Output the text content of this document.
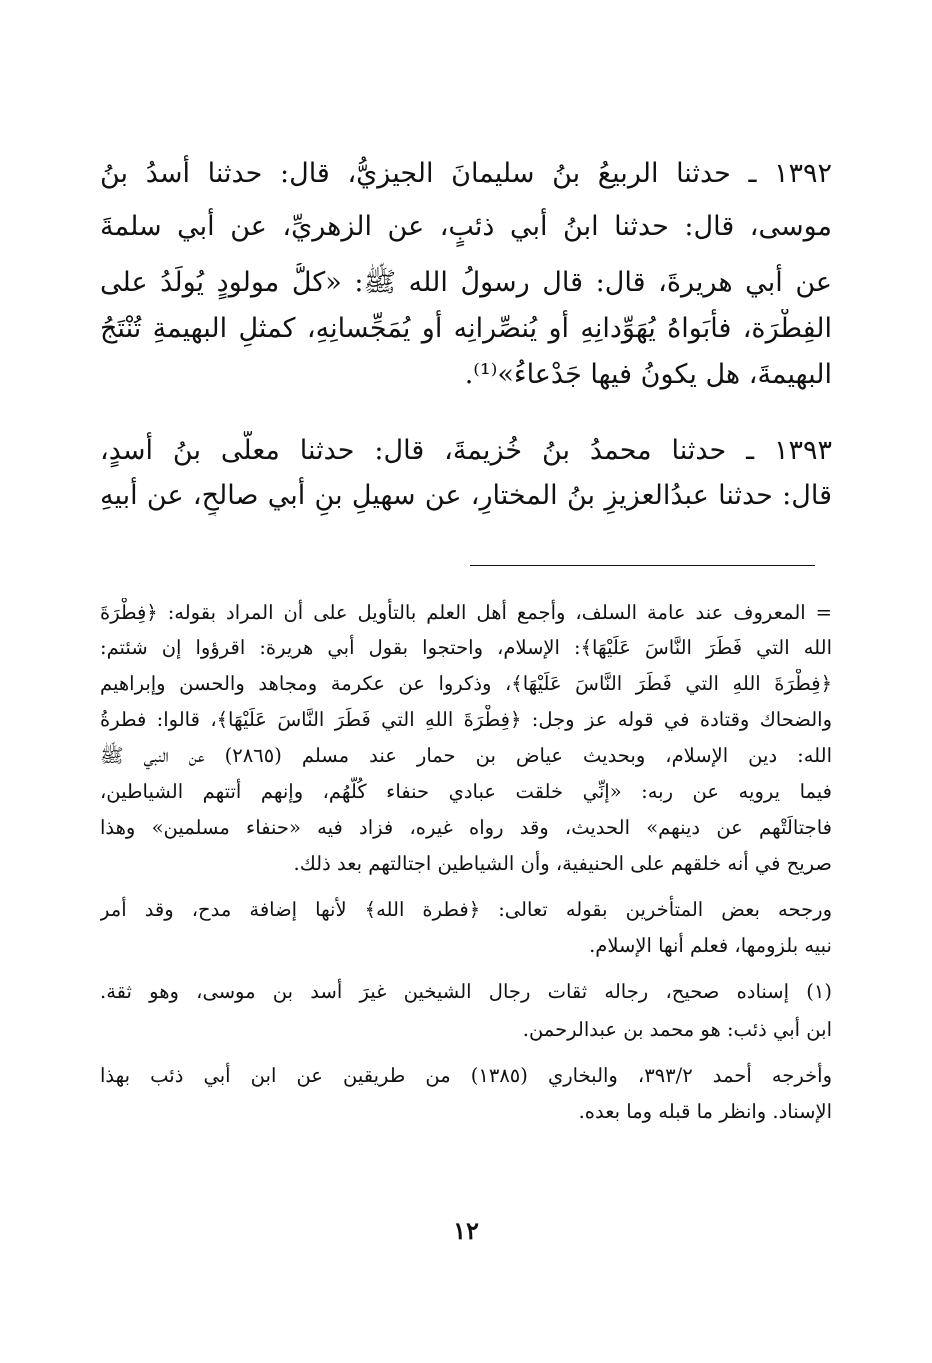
١٣٩٢ ـ حدثنا الربيعُ بنُ سليمانَ الجيزيُّ، قال: حدثنا أسدُ بنُ
موسى، قال: حدثنا ابنُ أبي ذئبٍ، عن الزهريِّ، عن أبي سلمةَ
عن أبي هريرةَ، قال: قال رسولُ الله ﷺ: «كلُّ مولودٍ يُولَدُ على
الفِطْرَة، فأبَواهُ يُهَوِّدانِهِ أو يُنصِّرانِه أو يُمَجِّسانِهِ، كمثلِ البهيمةِ تُنْتَجُ
البهيمةَ، هل يكونُ فيها جَدْعاءُ»⁽¹⁾.
١٣٩٣ ـ حدثنا محمدُ بنُ خُزيمةَ، قال: حدثنا معلَّى بنُ أسدٍ،
قال: حدثنا عبدُالعزيزِ بنُ المختارِ، عن سهيلِ بنِ أبي صالحٍ، عن أبيهِ
= المعروف عند عامة السلف، وأجمع أهل العلم بالتأويل على أن المراد بقوله: ﴿فِطْرَةَ
الله التي فَطَرَ النَّاسَ عَلَيْهَا﴾: الإسلام، واحتجوا بقول أبي هريرة: اقرؤوا إن شئتم:
﴿فِطْرَةَ اللهِ التي فَطَرَ النَّاسَ عَلَيْهَا﴾، وذكروا عن عكرمة ومجاهد والحسن وإبراهيم
والضحاك وقتادة في قوله عز وجل: ﴿فِطْرَةَ اللهِ التي فَطَرَ النَّاسَ عَلَيْهَا﴾، قالوا: فطرةُ
الله: دين الإسلام، وبحديث عياض بن حمار عند مسلم (٢٨٦٥) عن النبي ﷺ
فيما يرويه عن ربه: «إنِّي خلقت عبادي حنفاء كُلَّهُم، وإنهم أتتهم الشياطين،
فاجتالَتْهم عن دينهم» الحديث، وقد رواه غيره، فزاد فيه «حنفاء مسلمين» وهذا
صريح في أنه خلقهم على الحنيفية، وأن الشياطين اجتالتهم بعد ذلك.
ورجحه بعض المتأخرين بقوله تعالى: ﴿فطرة الله﴾ لأنها إضافة مدح، وقد أمر
نبيه بلزومها، فعلم أنها الإسلام.
(١) إسناده صحيح، رجاله ثقات رجال الشيخين غيرَ أسد بن موسى، وهو ثقة.
ابن أبي ذئب: هو محمد بن عبدالرحمن.
وأخرجه أحمد ٣٩٣/٢، والبخاري (١٣٨٥) من طريقين عن ابن أبي ذئب بهذا
الإسناد. وانظر ما قبله وما بعده.
١٢
